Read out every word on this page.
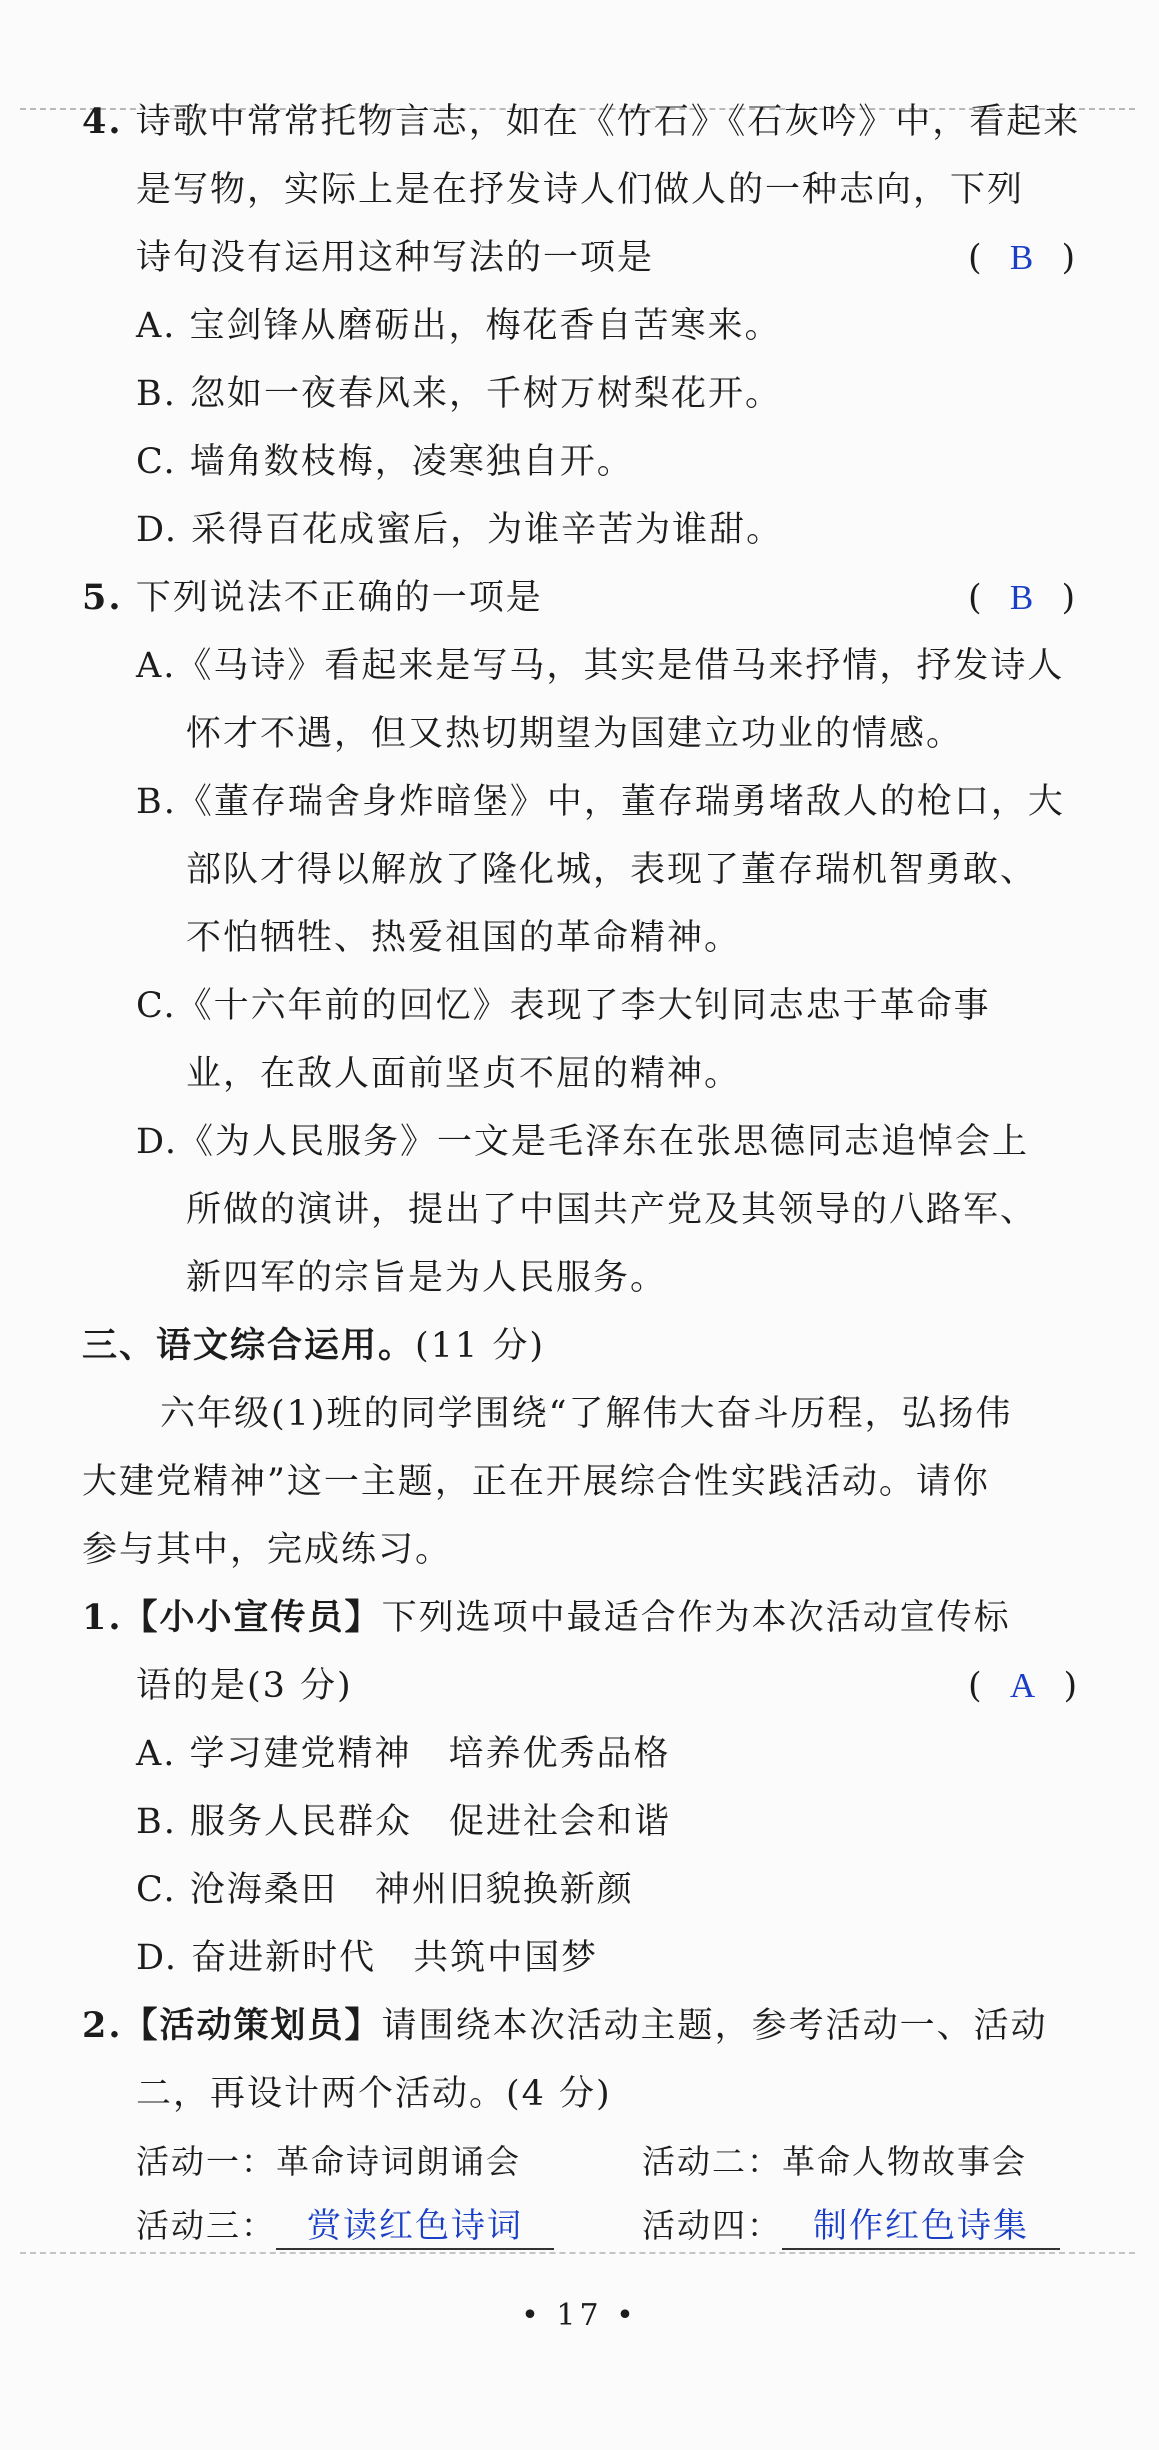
4. 诗歌中常常托物言志，如在《竹石》《石灰吟》中，看起来
是写物，实际上是在抒发诗人们做人的一种志向，下列
诗句没有运用这种写法的一项是	(  B  )
A. 宝剑锋从磨砺出，梅花香自苦寒来。
B. 忽如一夜春风来，千树万树梨花开。
C. 墙角数枝梅，凌寒独自开。
D. 采得百花成蜜后，为谁辛苦为谁甜。
5. 下列说法不正确的一项是	(  B  )
A.《马诗》看起来是写马，其实是借马来抒情，抒发诗人
怀才不遇，但又热切期望为国建立功业的情感。
B.《董存瑞舍身炸暗堡》中，董存瑞勇堵敌人的枪口，大
部队才得以解放了隆化城，表现了董存瑞机智勇敢、
不怕牺牲、热爱祖国的革命精神。
C.《十六年前的回忆》表现了李大钊同志忠于革命事
业，在敌人面前坚贞不屈的精神。
D.《为人民服务》一文是毛泽东在张思德同志追悼会上
所做的演讲，提出了中国共产党及其领导的八路军、
新四军的宗旨是为人民服务。
三、语文综合运用。(11 分)
六年级(1)班的同学围绕“了解伟大奋斗历程，弘扬伟
大建党精神”这一主题，正在开展综合性实践活动。请你
参与其中，完成练习。
1.【小小宣传员】下列选项中最适合作为本次活动宣传标
语的是(3 分)	(  A  )
A. 学习建党精神　培养优秀品格
B. 服务人民群众　促进社会和谐
C. 沧海桑田　神州旧貌换新颜
D. 奋进新时代　共筑中国梦
2.【活动策划员】请围绕本次活动主题，参考活动一、活动
二，再设计两个活动。(4 分)
活动一：革命诗词朗诵会	活动二：革命人物故事会
活动三： 赏读红色诗词	活动四： 制作红色诗集
• 17 •
